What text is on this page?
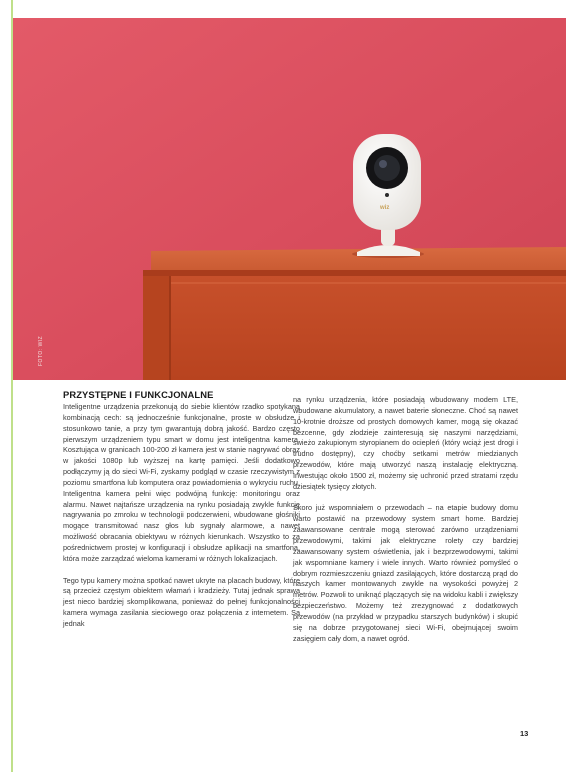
wiz
FOTO: WIZ
PRZYSTĘPNE I FUNKCJONALNE

Inteligentne urządzenia przekonują do siebie klientów rzadko spotykaną kombinacją cech: są jednocześnie funkcjonalne, proste w obsłudze i stosunkowo tanie, a przy tym gwarantują dobrą jakość. Bardzo często pierwszym urządzeniem typu smart w domu jest inteligentna kamera. Kosztująca w granicach 100-200 zł kamera jest w stanie nagrywać obraz w jakości 1080p lub wyższej na kartę pamięci. Jeśli dodatkowo podłączymy ją do sieci Wi-Fi, zyskamy podgląd w czasie rzeczywistym z poziomu smartfona lub komputera oraz powiadomienia o wykryciu ruchu. Inteligentna kamera pełni więc podwójną funkcję: monitoringu oraz alarmu. Nawet najtańsze urządzenia na rynku posiadają zwykle funkcję nagrywania po zmroku w technologii podczerwieni, wbudowane głośniki mogące transmitować nasz głos lub sygnały alarmowe, a nawet możliwość obracania obiektywu w różnych kierunkach. Wszystko to za pośrednictwem prostej w konfiguracji i obsłudze aplikacji na smartfona, która może zarządzać wieloma kamerami w różnych lokalizacjach.

Tego typu kamery można spotkać nawet ukryte na placach budowy, które są przecież częstym obiektem włamań i kradzieży. Tutaj jednak sprawa jest nieco bardziej skomplikowana, ponieważ do pełnej funkcjonalności kamera wymaga zasilania sieciowego oraz połączenia z internetem. Są jednak

na rynku urządzenia, które posiadają wbudowany modem LTE, wbudowane akumulatory, a nawet baterie słoneczne. Choć są nawet 10-krotnie droższe od prostych domowych kamer, mogą się okazać bezcenne, gdy złodzieje zainteresują się naszymi narzędziami, świeżo zakupionym styropianem do ociepleń (który wciąż jest drogi i trudno dostępny), czy choćby setkami metrów miedzianych przewodów, które mają utworzyć naszą instalację elektryczną. Inwestując około 1500 zł, możemy się uchronić przed stratami rzędu dziesiątek tysięcy złotych.

Skoro już wspomniałem o przewodach – na etapie budowy domu warto postawić na przewodowy system smart home. Bardziej zaawansowane centrale mogą sterować zarówno urządzeniami przewodowymi, takimi jak elektryczne rolety czy bardziej zaawansowany system oświetlenia, jak i bezprzewodowymi, takimi jak wspomniane kamery i wiele innych. Warto również pomyśleć o dobrym rozmieszczeniu gniazd zasilających, które dostarczą prąd do naszych kamer montowanych zwykle na wysokości powyżej 2 metrów. Pozwoli to uniknąć plączących się na widoku kabli i zwiększy bezpieczeństwo. Możemy też zrezygnować z dodatkowych przewodów (na przykład w przypadku starszych budynków) i skupić się na dobrze przygotowanej sieci Wi-Fi, obejmującej swoim zasięgiem cały dom, a nawet ogród.

13
